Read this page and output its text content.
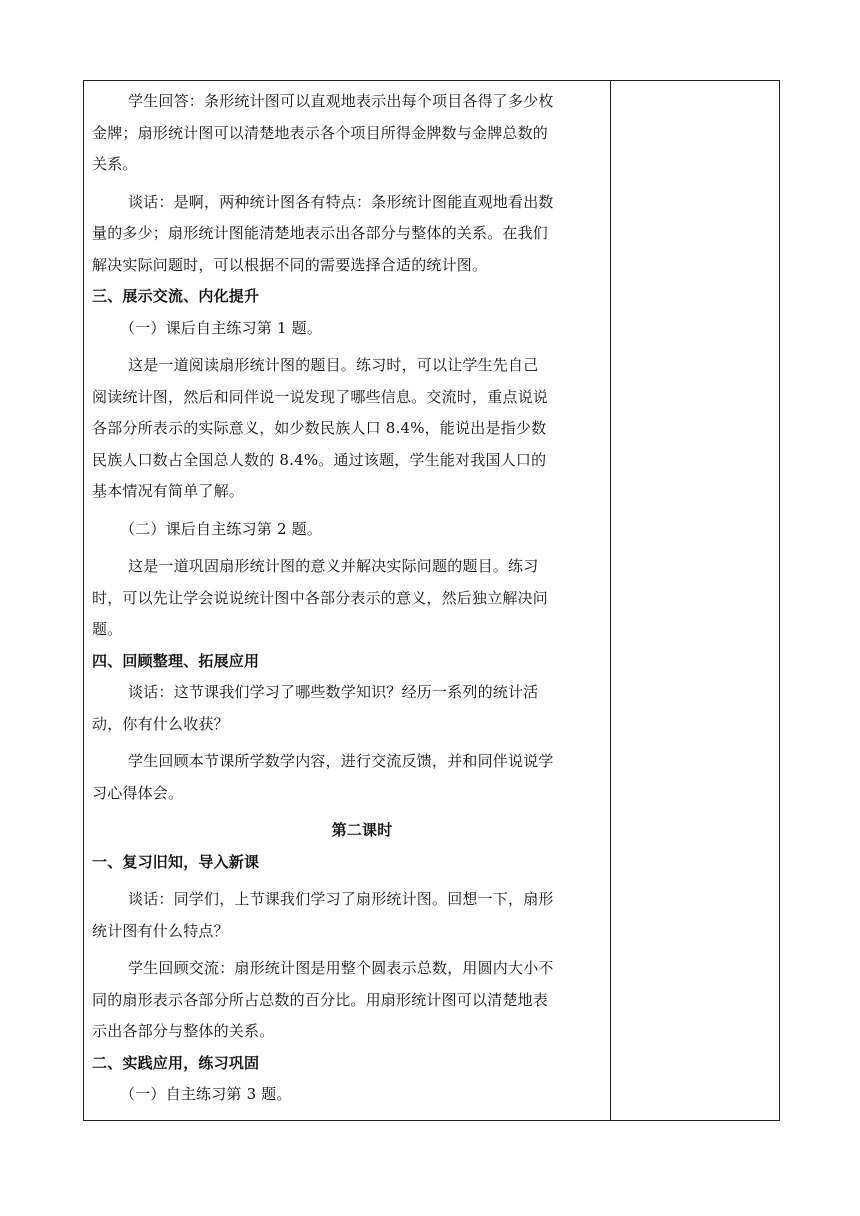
学生回答：条形统计图可以直观地表示出每个项目各得了多少枚
金牌；扇形统计图可以清楚地表示各个项目所得金牌数与金牌总数的
关系。
谈话：是啊，两种统计图各有特点：条形统计图能直观地看出数
量的多少；扇形统计图能清楚地表示出各部分与整体的关系。在我们
解决实际问题时，可以根据不同的需要选择合适的统计图。
三、展示交流、内化提升
（一）课后自主练习第 1 题。
这是一道阅读扇形统计图的题目。练习时，可以让学生先自己
阅读统计图，然后和同伴说一说发现了哪些信息。交流时，重点说说
各部分所表示的实际意义，如少数民族人口 8.4%，能说出是指少数
民族人口数占全国总人数的 8.4%。通过该题，学生能对我国人口的
基本情况有简单了解。
（二）课后自主练习第 2 题。
这是一道巩固扇形统计图的意义并解决实际问题的题目。练习
时，可以先让学会说说统计图中各部分表示的意义，然后独立解决问
题。
四、回顾整理、拓展应用
谈话：这节课我们学习了哪些数学知识？经历一系列的统计活
动，你有什么收获？
学生回顾本节课所学数学内容，进行交流反馈，并和同伴说说学
习心得体会。
第二课时
一、复习旧知，导入新课
谈话：同学们，上节课我们学习了扇形统计图。回想一下，扇形
统计图有什么特点？
学生回顾交流：扇形统计图是用整个圆表示总数，用圆内大小不
同的扇形表示各部分所占总数的百分比。用扇形统计图可以清楚地表
示出各部分与整体的关系。
二、实践应用，练习巩固
（一）自主练习第 3 题。
